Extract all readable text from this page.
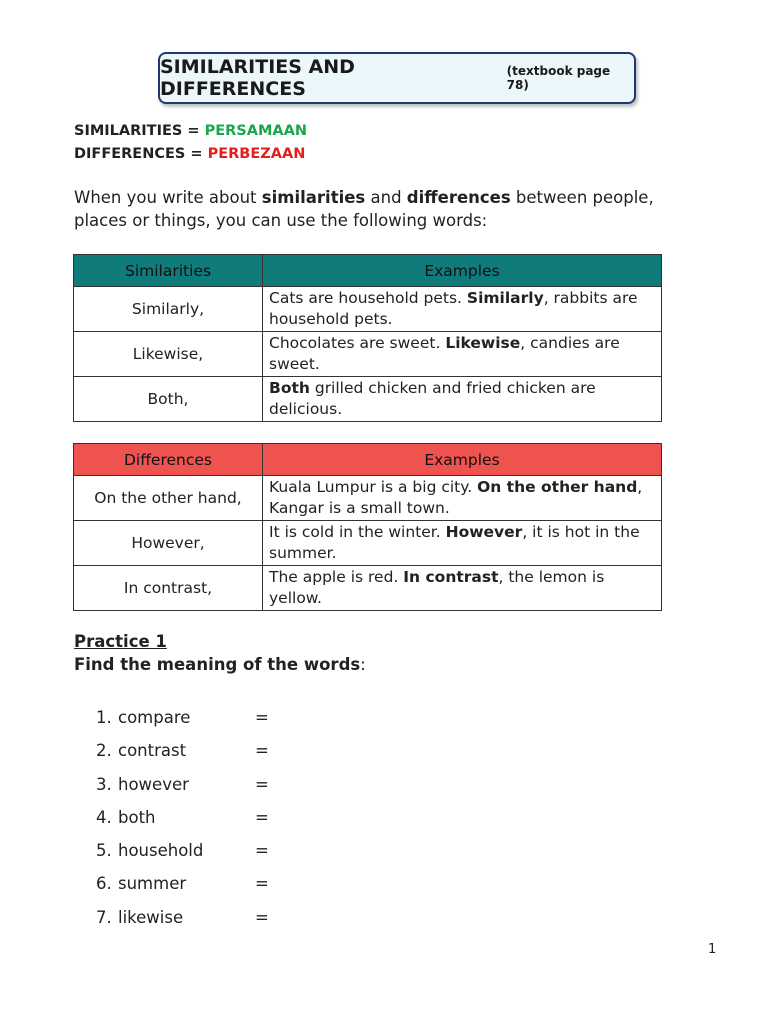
SIMILARITIES AND DIFFERENCES
(textbook page 78)
SIMILARITIES = PERSAMAAN
DIFFERENCES = PERBEZAAN
When you write about similarities and differences between people, places or things, you can use the following words:
Similarities	Examples
Similarly,	Cats are household pets. Similarly, rabbits are household pets.
Likewise,	Chocolates are sweet. Likewise, candies are sweet.
Both,	Both grilled chicken and fried chicken are delicious.
Differences	Examples
On the other hand,	Kuala Lumpur is a big city. On the other hand, Kangar is a small town.
However,	It is cold in the winter. However, it is hot in the summer.
In contrast,	The apple is red. In contrast, the lemon is yellow.
Practice 1
Find the meaning of the words:
1. compare	=
2. contrast	=
3. however	=
4. both	=
5. household	=
6. summer	=
7. likewise	=
1
